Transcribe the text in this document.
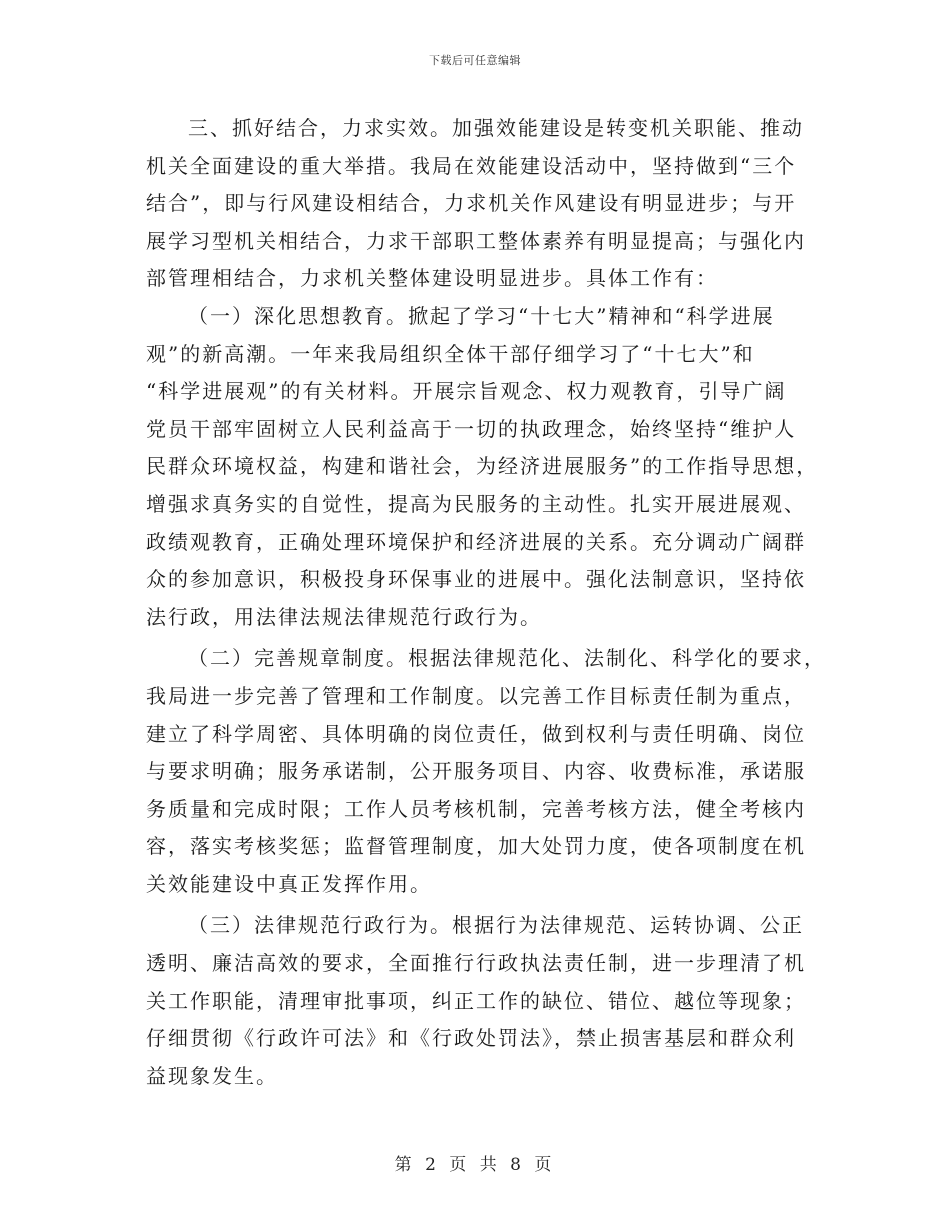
下载后可任意编辑
三、抓好结合，力求实效。加强效能建设是转变机关职能、推动
机关全面建设的重大举措。我局在效能建设活动中，坚持做到“三个
结合”，即与行风建设相结合，力求机关作风建设有明显进步；与开
展学习型机关相结合，力求干部职工整体素养有明显提高；与强化内
部管理相结合，力求机关整体建设明显进步。具体工作有：
（一）深化思想教育。掀起了学习“十七大”精神和“科学进展
观”的新高潮。一年来我局组织全体干部仔细学习了“十七大”和
“科学进展观”的有关材料。开展宗旨观念、权力观教育，引导广阔
党员干部牢固树立人民利益高于一切的执政理念，始终坚持“维护人
民群众环境权益，构建和谐社会，为经济进展服务”的工作指导思想，
增强求真务实的自觉性，提高为民服务的主动性。扎实开展进展观、
政绩观教育，正确处理环境保护和经济进展的关系。充分调动广阔群
众的参加意识，积极投身环保事业的进展中。强化法制意识，坚持依
法行政，用法律法规法律规范行政行为。
（二）完善规章制度。根据法律规范化、法制化、科学化的要求，
我局进一步完善了管理和工作制度。以完善工作目标责任制为重点，
建立了科学周密、具体明确的岗位责任，做到权利与责任明确、岗位
与要求明确；服务承诺制，公开服务项目、内容、收费标准，承诺服
务质量和完成时限；工作人员考核机制，完善考核方法，健全考核内
容，落实考核奖惩；监督管理制度，加大处罚力度，使各项制度在机
关效能建设中真正发挥作用。
（三）法律规范行政行为。根据行为法律规范、运转协调、公正
透明、廉洁高效的要求，全面推行行政执法责任制，进一步理清了机
关工作职能，清理审批事项，纠正工作的缺位、错位、越位等现象；
仔细贯彻《行政许可法》和《行政处罚法》，禁止损害基层和群众利
益现象发生。
第 2 页 共 8 页
